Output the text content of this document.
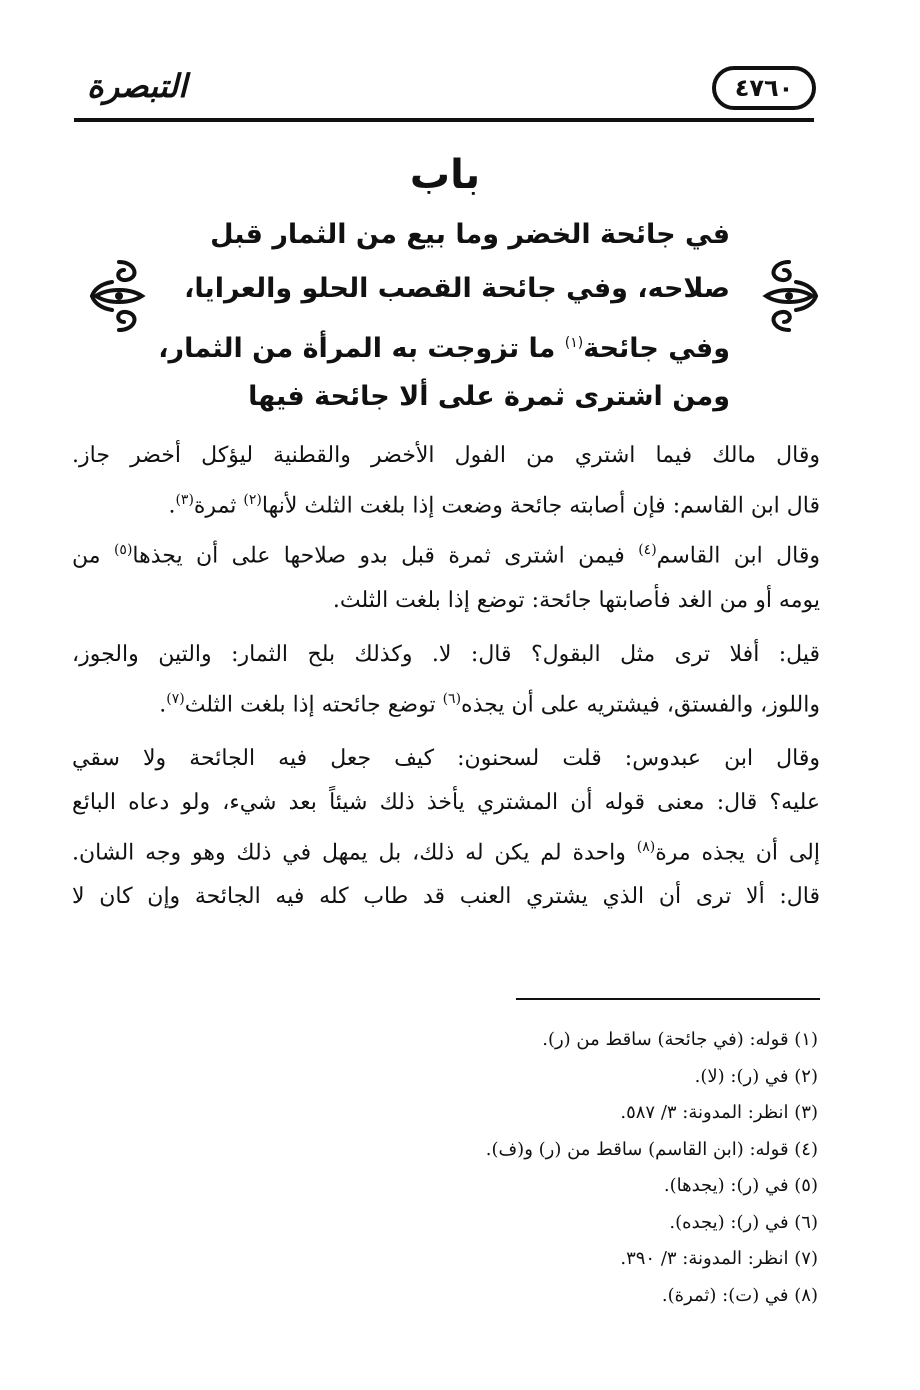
التبصرة	٤٧٦٠
باب
في جائحة الخضر وما بيع من الثمار قبل
صلاحه، وفي جائحة القصب الحلو والعرايا،
وفي جائحة$^{(١)}$ ما تزوجت به المرأة من الثمار،
ومن اشترى ثمرة على ألا جائحة فيها
وقال مالك فيما اشتري من الفول الأخضر والقطنية ليؤكل أخضر جاز.
قال ابن القاسم: فإن أصابته جائحة وضعت إذا بلغت الثلث لأنها$^{(٢)}$ ثمرة$^{(٣)}$.
وقال ابن القاسم$^{(٤)}$ فيمن اشترى ثمرة قبل بدو صلاحها على أن يجذها$^{(٥)}$ من
يومه أو من الغد فأصابتها جائحة: توضع إذا بلغت الثلث.
قيل: أفلا ترى مثل البقول؟ قال: لا. وكذلك بلح الثمار: والتين والجوز،
واللوز، والفستق، فيشتريه على أن يجذه$^{(٦)}$ توضع جائحته إذا بلغت الثلث$^{(٧)}$.
وقال ابن عبدوس: قلت لسحنون: كيف جعل فيه الجائحة ولا سقي
عليه؟ قال: معنى قوله أن المشتري يأخذ ذلك شيئاً بعد شيء، ولو دعاه البائع
إلى أن يجذه مرة$^{(٨)}$ واحدة لم يكن له ذلك، بل يمهل في ذلك وهو وجه الشان.
قال: ألا ترى أن الذي يشتري العنب قد طاب كله فيه الجائحة وإن كان لا
(١) قوله: (في جائحة) ساقط من (ر).
(٢) في (ر): (لا).
(٣) انظر: المدونة: ٣/ ٥٨٧.
(٤) قوله: (ابن القاسم) ساقط من (ر) و(ف).
(٥) في (ر): (يجدها).
(٦) في (ر): (يجده).
(٧) انظر: المدونة: ٣/ ٣٩٠.
(٨) في (ت): (ثمرة).
